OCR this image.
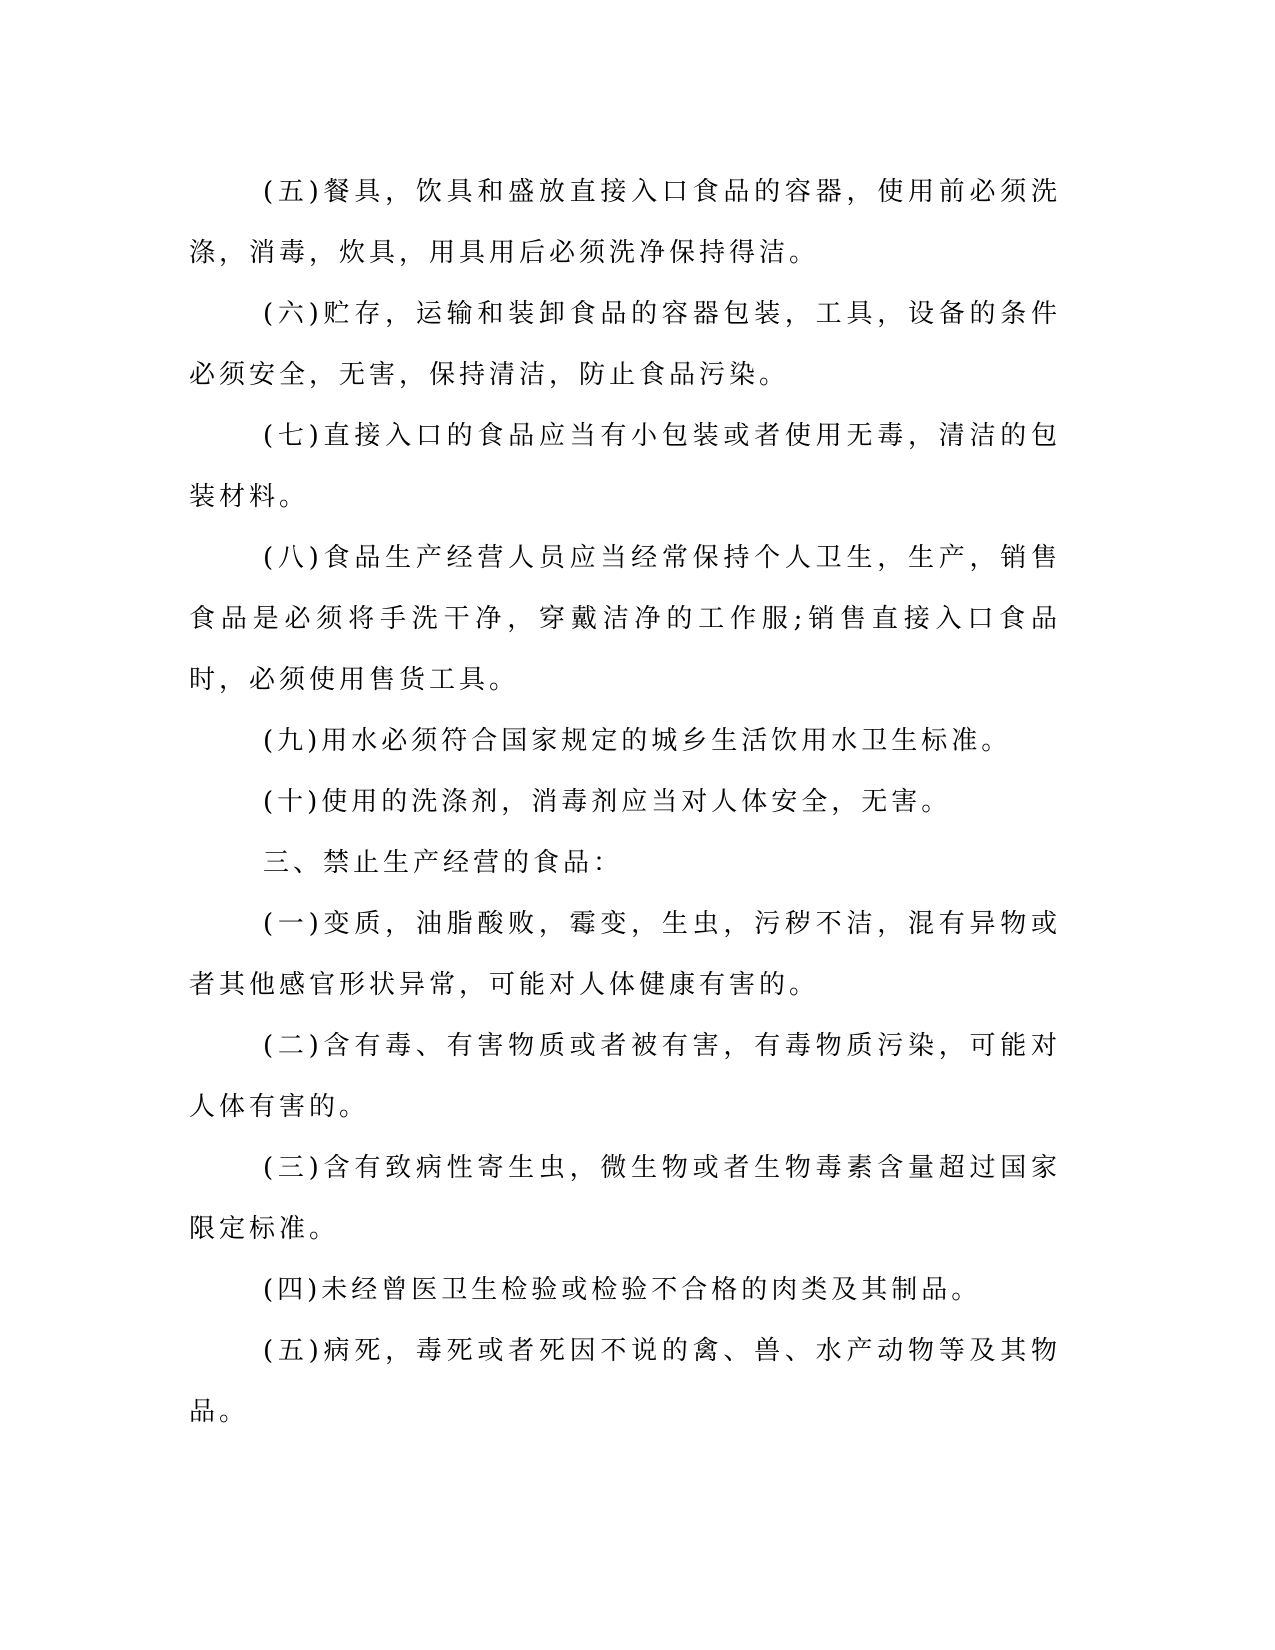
(五)餐具，饮具和盛放直接入口食品的容器，使用前必须洗涤，消毒，炊具，用具用后必须洗净保持得洁。

(六)贮存，运输和装卸食品的容器包装，工具，设备的条件必须安全，无害，保持清洁，防止食品污染。

(七)直接入口的食品应当有小包装或者使用无毒，清洁的包装材料。

(八)食品生产经营人员应当经常保持个人卫生，生产，销售食品是必须将手洗干净，穿戴洁净的工作服;销售直接入口食品时，必须使用售货工具。

(九)用水必须符合国家规定的城乡生活饮用水卫生标准。

(十)使用的洗涤剂，消毒剂应当对人体安全，无害。

三、禁止生产经营的食品：

(一)变质，油脂酸败，霉变，生虫，污秽不洁，混有异物或者其他感官形状异常，可能对人体健康有害的。

(二)含有毒、有害物质或者被有害，有毒物质污染，可能对人体有害的。

(三)含有致病性寄生虫，微生物或者生物毒素含量超过国家限定标准。

(四)未经曾医卫生检验或检验不合格的肉类及其制品。

(五)病死，毒死或者死因不说的禽、兽、水产动物等及其物品。
